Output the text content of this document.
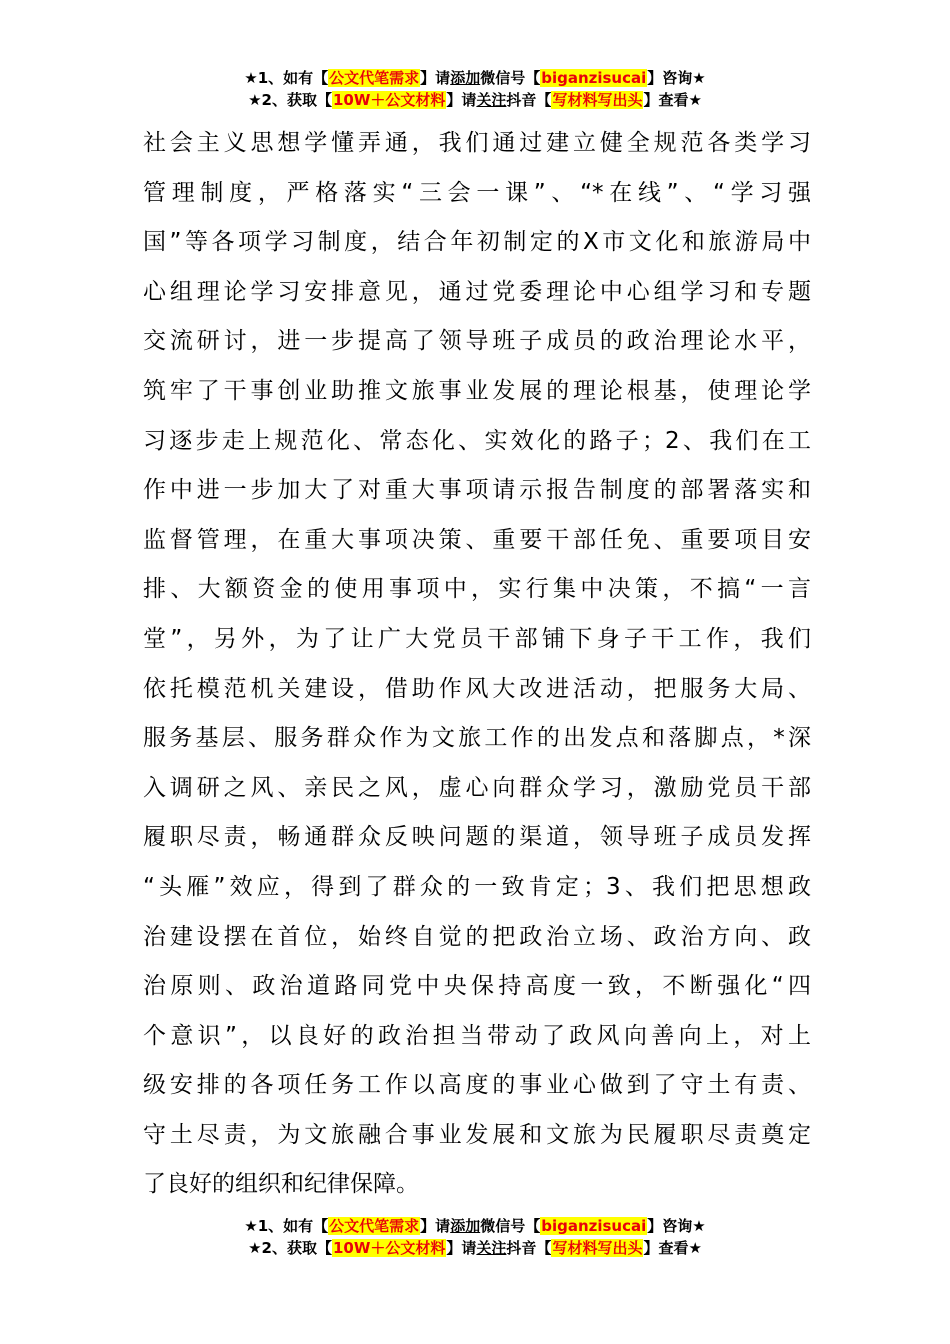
★1、如有【公文代笔需求】请添加微信号【biganzisucai】咨询★
★2、获取【10W＋公文材料】请关注抖音【写材料写出头】查看★
社会主义思想学懂弄通，我们通过建立健全规范各类学习
管理制度，严格落实“三会一课”、“*在线”、“学习强
国”等各项学习制度，结合年初制定的X市文化和旅游局中
心组理论学习安排意见，通过党委理论中心组学习和专题
交流研讨，进一步提高了领导班子成员的政治理论水平，
筑牢了干事创业助推文旅事业发展的理论根基，使理论学
习逐步走上规范化、常态化、实效化的路子；2、我们在工
作中进一步加大了对重大事项请示报告制度的部署落实和
监督管理，在重大事项决策、重要干部任免、重要项目安
排、大额资金的使用事项中，实行集中决策，不搞“一言
堂”，另外，为了让广大党员干部铺下身子干工作，我们
依托模范机关建设，借助作风大改进活动，把服务大局、
服务基层、服务群众作为文旅工作的出发点和落脚点，*深
入调研之风、亲民之风，虚心向群众学习，激励党员干部
履职尽责，畅通群众反映问题的渠道，领导班子成员发挥
“头雁”效应，得到了群众的一致肯定；3、我们把思想政
治建设摆在首位，始终自觉的把政治立场、政治方向、政
治原则、政治道路同党中央保持高度一致，不断强化“四
个意识”，以良好的政治担当带动了政风向善向上，对上
级安排的各项任务工作以高度的事业心做到了守土有责、
守土尽责，为文旅融合事业发展和文旅为民履职尽责奠定
了良好的组织和纪律保障。
★1、如有【公文代笔需求】请添加微信号【biganzisucai】咨询★
★2、获取【10W＋公文材料】请关注抖音【写材料写出头】查看★
